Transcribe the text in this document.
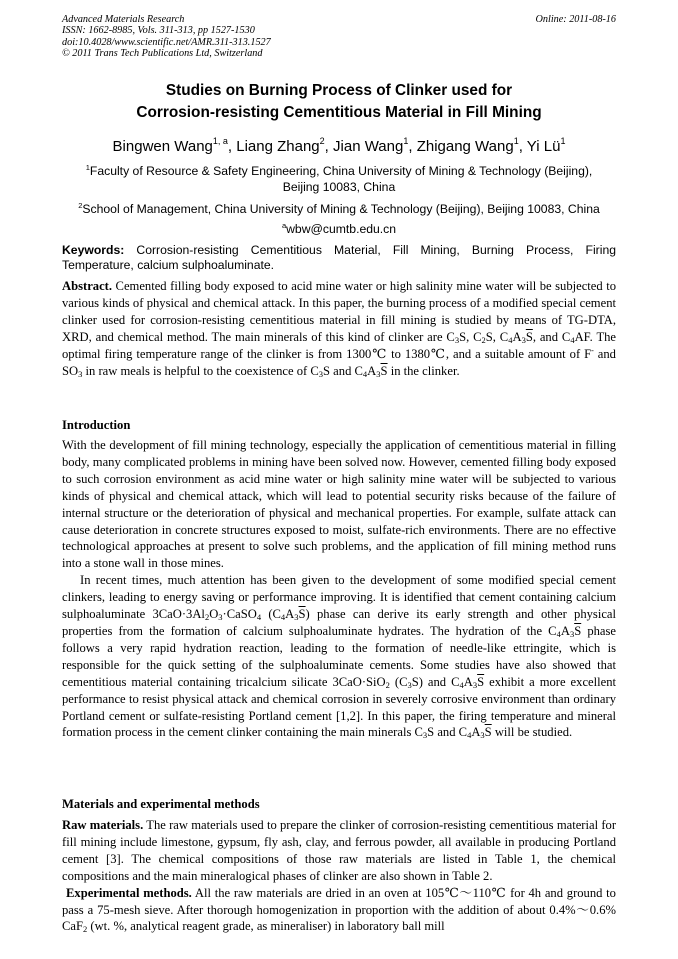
Advanced Materials Research
ISSN: 1662-8985, Vols. 311-313, pp 1527-1530
doi:10.4028/www.scientific.net/AMR.311-313.1527
© 2011 Trans Tech Publications Ltd, Switzerland
Online: 2011-08-16
Studies on Burning Process of Clinker used for
Corrosion-resisting Cementitious Material in Fill Mining
Bingwen Wang$^{1, a}$, Liang Zhang$^2$, Jian Wang$^1$, Zhigang Wang$^1$, Yi $Lü^1$
$^1$Faculty of Resource & Safety Engineering, China University of Mining & Technology (Beijing),
Beijing 10083, China
$^2$School of Management, China University of Mining & Technology (Beijing), Beijing 10083, China
$^a$wbw@cumtb.edu.cn
Keywords: Corrosion-resisting Cementitious Material, Fill Mining, Burning Process, Firing Temperature, calcium sulphoaluminate.

Abstract. Cemented filling body exposed to acid mine water or high salinity mine water will be subjected to various kinds of physical and chemical attack. In this paper, the burning process of a modified special cement clinker used for corrosion-resisting cementitious material in fill mining is studied by means of TG-DTA, XRD, and chemical method. The main minerals of this kind of clinker are $C_3S$, $C_2S$, $C_4A_3\overline{S}$, and $C_4AF$. The optimal firing temperature range of the clinker is from 1300℃ to 1380℃, and a suitable amount of F- and $SO_3$ in raw meals is helpful to the coexistence of $C_3S$ and $C_4A_3\overline{S}$ in the clinker.

Introduction

With the development of fill mining technology, especially the application of cementitious material in filling body, many complicated problems in mining have been solved now. However, cemented filling body exposed to such corrosion environment as acid mine water or high salinity mine water will be subjected to various kinds of physical and chemical attack, which will lead to potential security risks because of the failure of internal structure or the deterioration of physical and mechanical properties. For example, sulfate attack can cause deterioration in concrete structures exposed to moist, sulfate-rich environments. There are no effective technological approaches at present to solve such problems, and the application of fill mining method runs into a stone wall in those mines.

In recent times, much attention has been given to the development of some modified special cement clinkers, leading to energy saving or performance improving. It is identified that cement containing calcium sulphoaluminate $3CaO\cdot 3Al_2O_3\cdot CaSO_4$ $(C_4A_3\overline{S})$ phase can derive its early strength and other physical properties from the formation of calcium sulphoaluminate hydrates. The hydration of the $C_4A_3\overline{S}$ phase follows a very rapid hydration reaction, leading to the formation of needle-like ettringite, which is responsible for the quick setting of the sulphoaluminate cements. Some studies have also showed that cementitious material containing tricalcium silicate 3CaO·SiO$_2$ $(C_3S)$ and $C_4A_3\overline{S}$ exhibit a more excellent performance to resist physical attack and chemical corrosion in severely corrosive environment than ordinary Portland cement or sulfate-resisting Portland cement [1,2]. In this paper, the firing temperature and mineral formation process in the cement clinker containing the main minerals $C_3S$ and $C_4A_3\overline{S}$ will be studied.

Materials and experimental methods

Raw materials. The raw materials used to prepare the clinker of corrosion-resisting cementitious material for fill mining include limestone, gypsum, fly ash, clay, and ferrous powder, all available in producing Portland cement [3]. The chemical compositions of those raw materials are listed in Table 1, the chemical compositions and the main mineralogical phases of clinker are also shown in Table 2.

Experimental methods. All the raw materials are dried in an oven at 105℃～110℃ for 4h and ground to pass a 75-mesh sieve. After thorough homogenization in proportion with the addition of about 0.4%～0.6% CaF$_2$ (wt. %, analytical reagent grade, as mineraliser) in laboratory ball mill
